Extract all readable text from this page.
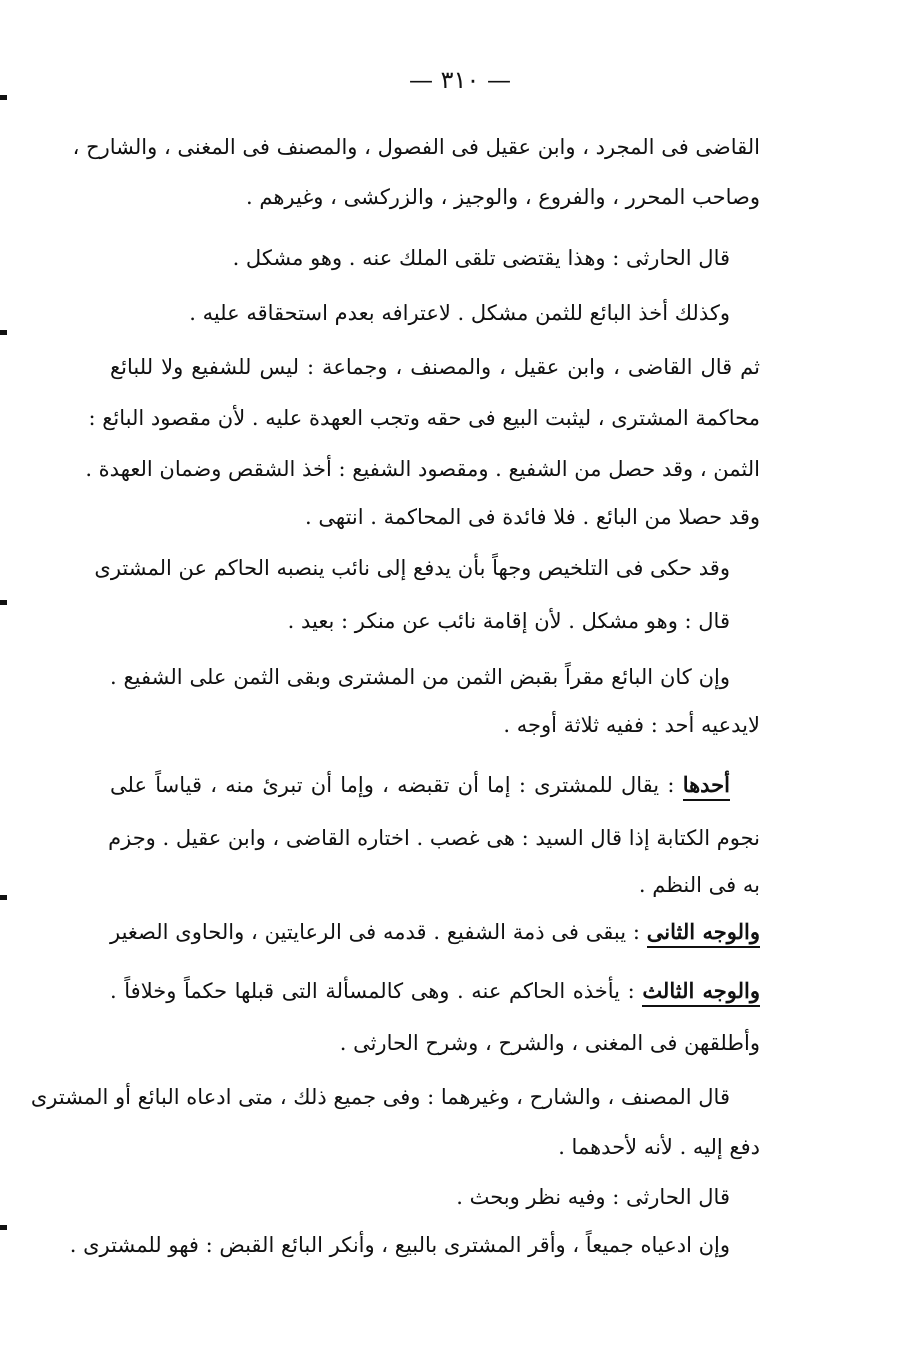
— ٣١٠ —
القاضى فى المجرد ، وابن عقيل فى الفصول ، والمصنف فى المغنى ، والشارح ،
وصاحب المحرر ، والفروع ، والوجيز ، والزركشى ، وغيرهم .
قال الحارثى : وهذا يقتضى تلقى الملك عنه . وهو مشكل .
وكذلك أخذ البائع للثمن مشكل . لاعترافه بعدم استحقاقه عليه .
ثم قال القاضى ، وابن عقيل ، والمصنف ، وجماعة : ليس للشفيع ولا للبائع
محاكمة المشترى ، ليثبت البيع فى حقه وتجب العهدة عليه . لأن مقصود البائع :
الثمن ، وقد حصل من الشفيع . ومقصود الشفيع : أخذ الشقص وضمان العهدة .
وقد حصلا من البائع . فلا فائدة فى المحاكمة . انتهى .
وقد حكى فى التلخيص وجهاً بأن يدفع إلى نائب ينصبه الحاكم عن المشترى
قال : وهو مشكل . لأن إقامة نائب عن منكر : بعيد .
وإن كان البائع مقراً بقبض الثمن من المشترى وبقى الثمن على الشفيع .
لايدعيه أحد : ففيه ثلاثة أوجه .
أحدها : يقال للمشترى : إما أن تقبضه ، وإما أن تبرئ منه ، قياساً على
نجوم الكتابة إذا قال السيد : هى غصب . اختاره القاضى ، وابن عقيل . وجزم
به فى النظم .
والوجه الثانى : يبقى فى ذمة الشفيع . قدمه فى الرعايتين ، والحاوى الصغير
والوجه الثالث : يأخذه الحاكم عنه . وهى كالمسألة التى قبلها حكماً وخلافاً .
وأطلقهن فى المغنى ، والشرح ، وشرح الحارثى .
قال المصنف ، والشارح ، وغيرهما : وفى جميع ذلك ، متى ادعاه البائع أو المشترى
دفع إليه . لأنه لأحدهما .
قال الحارثى : وفيه نظر وبحث .
وإن ادعياه جميعاً ، وأقر المشترى بالبيع ، وأنكر البائع القبض : فهو للمشترى .
